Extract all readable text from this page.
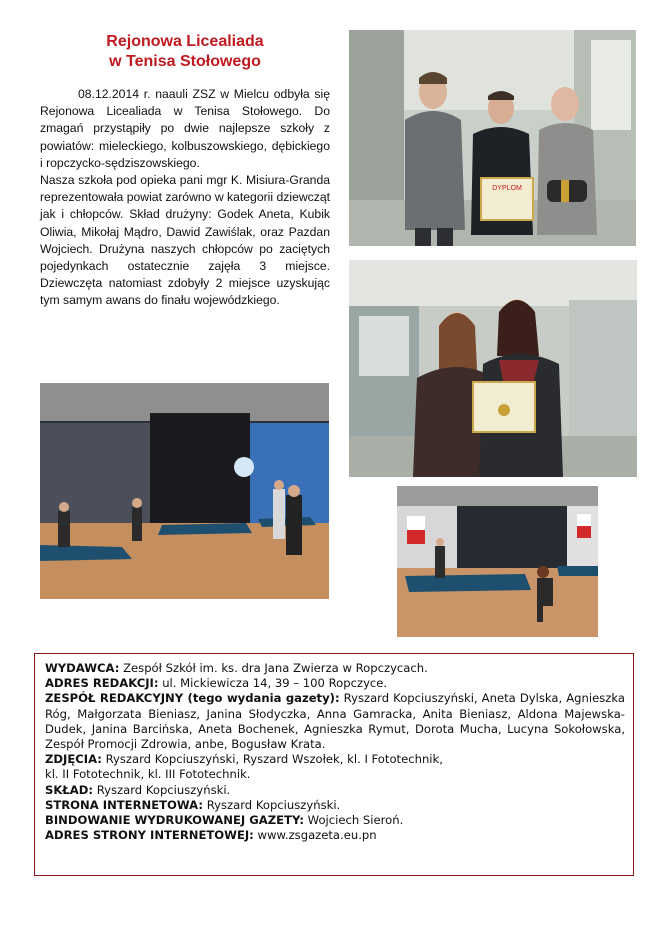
Rejonowa Licealiada
w Tenisa Stołowego

08.12.2014 r. naauli ZSZ w Mielcu odbyła się Rejonowa Licealiada w Tenisa Stołowego. Do zmagań przystąpiły po dwie najlepsze szkoły z powiatów: mieleckiego, kolbuszowskiego, dębickiego i ropczycko-sędziszowskiego.

Nasza szkoła pod opieka pani mgr K. Misiura-Granda reprezentowała powiat zarówno w kategorii dziewcząt jak i chłopców. Skład drużyny: Godek Aneta, Kubik Oliwia, Mikołaj Mądro, Dawid Zawiślak, oraz Pazdan Wojciech. Drużyna naszych chłopców po zaciętych pojedynkach ostatecznie zajęła 3 miejsce. Dziewczęta natomiast zdobyły 2 miejsce uzyskując tym samym awans do finału wojewódzkiego.

DYPLOM
WYDAWCA: Zespół Szkół im. ks. dra Jana Zwierza w Ropczycach.
ADRES REDAKCJI: ul. Mickiewicza 14, 39 – 100 Ropczyce.
ZESPÓŁ REDAKCYJNY (tego wydania gazety): Ryszard Kopciuszyński, Aneta Dylska, Agnieszka Róg, Małgorzata Bieniasz, Janina Słodyczka, Anna Gamracka, Anita Bieniasz, Aldona Majewska-Dudek, Janina Barcińska, Aneta Bochenek, Agnieszka Rymut, Dorota Mucha, Lucyna Sokołowska, Zespół Promocji Zdrowia, anbe, Bogusław Krata.
ZDJĘCIA: Ryszard Kopciuszyński, Ryszard Wszołek, kl. I Fototechnik,
kl. II Fototechnik, kl. III Fototechnik.
SKŁAD: Ryszard Kopciuszyński.
STRONA INTERNETOWA: Ryszard Kopciuszyński.
BINDOWANIE WYDRUKOWANEJ GAZETY: Wojciech Sieroń.
ADRES STRONY INTERNETOWEJ: www.zsgazeta.eu.pn
